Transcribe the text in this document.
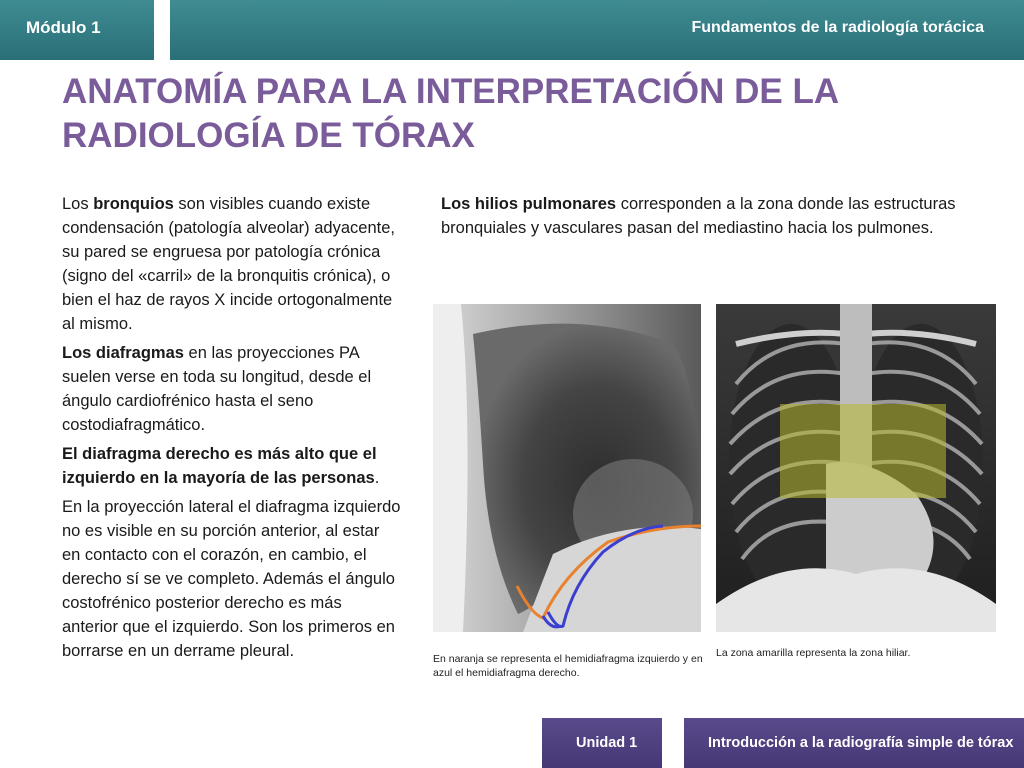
Módulo 1	Fundamentos de la radiología torácica
ANATOMÍA PARA LA INTERPRETACIÓN DE LA
RADIOLOGÍA DE TÓRAX

Los bronquios son visibles cuando existe condensación (patología alveolar) adyacente, su pared se engruesa por patología crónica (signo del «carril» de la bronquitis crónica), o bien el haz de rayos X incide ortogonalmente al mismo.

Los diafragmas en las proyecciones PA suelen verse en toda su longitud, desde el ángulo cardiofrénico hasta el seno costodiafragmático.

El diafragma derecho es más alto que el izquierdo en la mayoría de las personas.

En la proyección lateral el diafragma izquierdo no es visible en su porción anterior, al estar en contacto con el corazón, en cambio, el derecho sí se ve completo. Además el ángulo costofrénico posterior derecho es más anterior que el izquierdo. Son los primeros en borrarse en un derrame pleural.

Los hilios pulmonares corresponden a la zona donde las estructuras bronquiales y vasculares pasan del mediastino hacia los pulmones.

En naranja se representa el hemidiafragma izquierdo y en azul el hemidiafragma derecho.
La zona amarilla representa la zona hiliar.
Unidad 1	Introducción a la radiografía simple de tórax
